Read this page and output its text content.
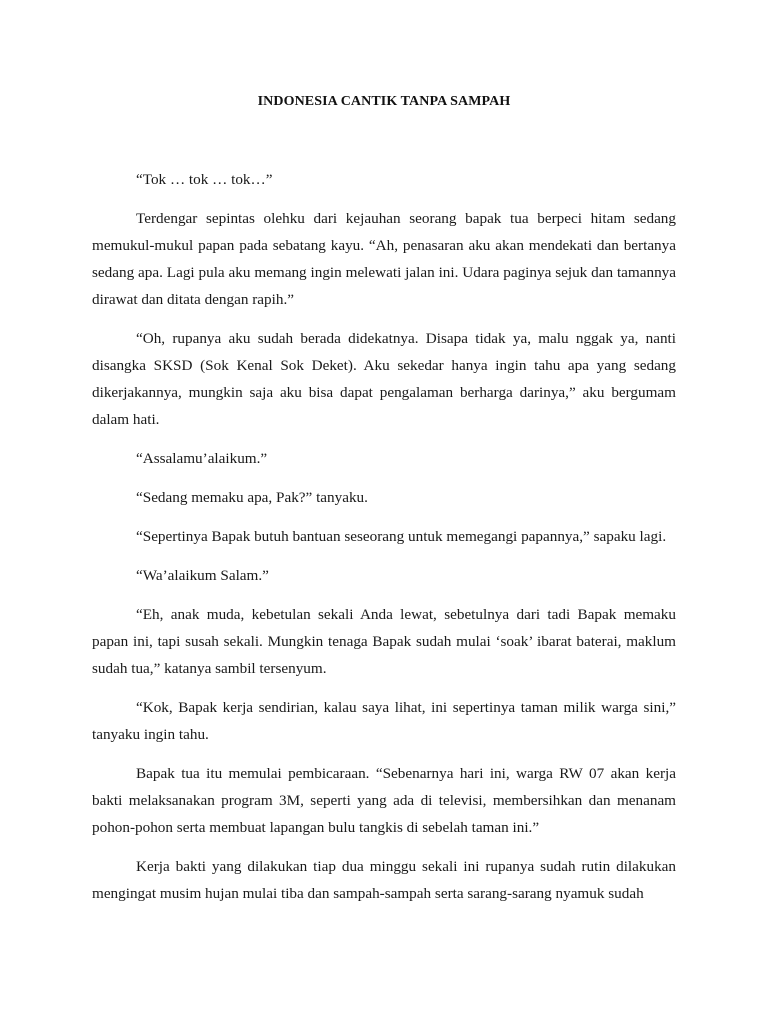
INDONESIA CANTIK TANPA SAMPAH

“Tok … tok … tok…”

Terdengar sepintas olehku dari kejauhan seorang bapak tua berpeci hitam sedang memukul-mukul papan pada sebatang kayu. “Ah, penasaran aku akan mendekati dan bertanya sedang apa. Lagi pula aku memang ingin melewati jalan ini. Udara paginya sejuk dan tamannya dirawat dan ditata dengan rapih.”

“Oh, rupanya aku sudah berada didekatnya. Disapa tidak ya, malu nggak ya, nanti disangka SKSD (Sok Kenal Sok Deket). Aku sekedar hanya ingin tahu apa yang sedang dikerjakannya, mungkin saja aku bisa dapat pengalaman berharga darinya,” aku bergumam dalam hati.

“Assalamu’alaikum.”

“Sedang memaku apa, Pak?” tanyaku.

“Sepertinya Bapak butuh bantuan seseorang untuk memegangi papannya,” sapaku lagi.

“Wa’alaikum Salam.”

“Eh, anak muda, kebetulan sekali Anda lewat, sebetulnya dari tadi Bapak memaku papan ini, tapi susah sekali. Mungkin tenaga Bapak sudah mulai ‘soak’ ibarat baterai, maklum sudah tua,” katanya sambil tersenyum.

“Kok, Bapak kerja sendirian, kalau saya lihat, ini sepertinya taman milik warga sini,” tanyaku ingin tahu.

Bapak tua itu memulai pembicaraan. “Sebenarnya hari ini, warga RW 07 akan kerja bakti melaksanakan program 3M, seperti yang ada di televisi, membersihkan dan menanam pohon-pohon serta membuat lapangan bulu tangkis di sebelah taman ini.”

Kerja bakti yang dilakukan tiap dua minggu sekali ini rupanya sudah rutin dilakukan mengingat musim hujan mulai tiba dan sampah-sampah serta sarang-sarang nyamuk sudah
